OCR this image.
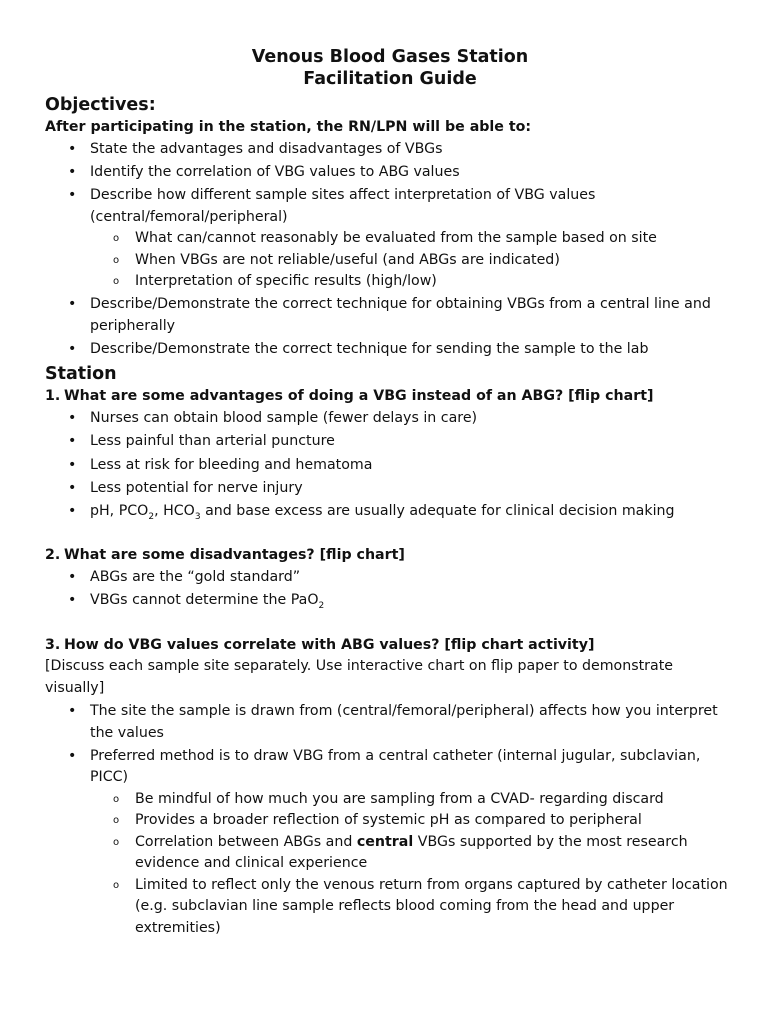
Venous Blood Gases Station
Facilitation Guide
Objectives:
After participating in the station, the RN/LPN will be able to:
• State the advantages and disadvantages of VBGs
• Identify the correlation of VBG values to ABG values
• Describe how different sample sites affect interpretation of VBG values (central/femoral/peripheral)
o What can/cannot reasonably be evaluated from the sample based on site
o When VBGs are not reliable/useful (and ABGs are indicated)
o Interpretation of specific results (high/low)
• Describe/Demonstrate the correct technique for obtaining VBGs from a central line and peripherally
• Describe/Demonstrate the correct technique for sending the sample to the lab
Station
1. What are some advantages of doing a VBG instead of an ABG? [flip chart]
• Nurses can obtain blood sample (fewer delays in care)
• Less painful than arterial puncture
• Less at risk for bleeding and hematoma
• Less potential for nerve injury
• pH, $PCO_2$, $HCO_3$ and base excess are usually adequate for clinical decision making
2. What are some disadvantages? [flip chart]
• ABGs are the “gold standard”
• VBGs cannot determine the PaO$_2$
3. How do VBG values correlate with ABG values? [flip chart activity]
[Discuss each sample site separately. Use interactive chart on flip paper to demonstrate visually]
• The site the sample is drawn from (central/femoral/peripheral) affects how you interpret the values
• Preferred method is to draw VBG from a central catheter (internal jugular, subclavian, PICC)
o Be mindful of how much you are sampling from a CVAD- regarding discard
o Provides a broader reflection of systemic pH as compared to peripheral
o Correlation between ABGs and central VBGs supported by the most research evidence and clinical experience
o Limited to reflect only the venous return from organs captured by catheter location (e.g. subclavian line sample reflects blood coming from the head and upper extremities)
